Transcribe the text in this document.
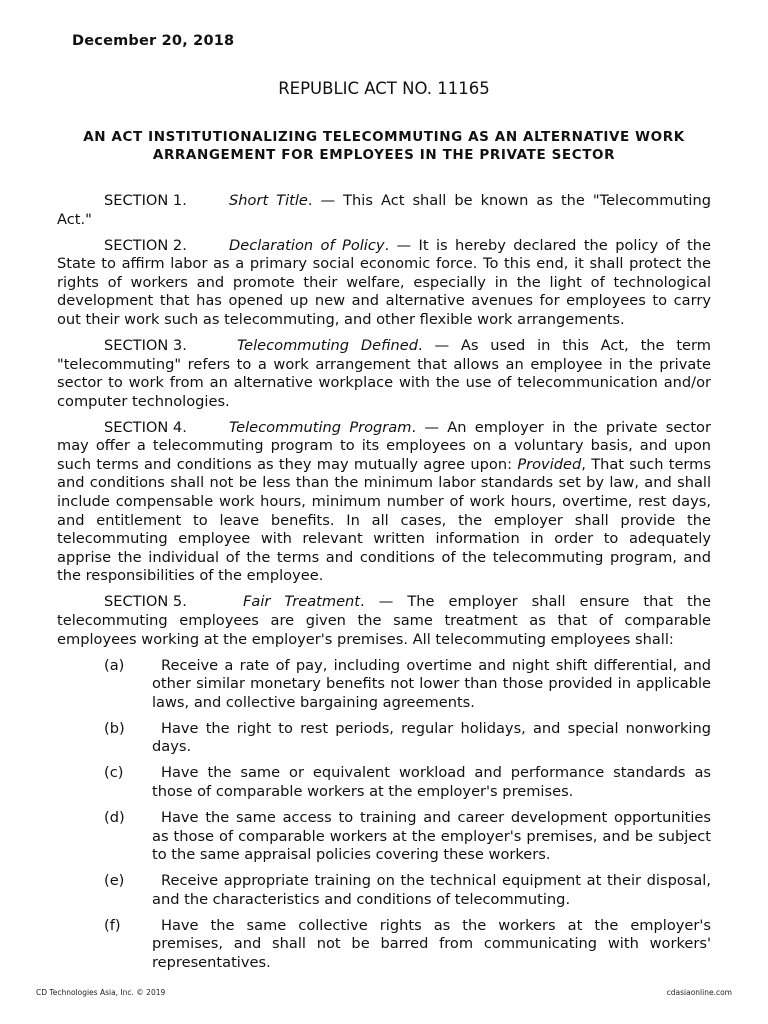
December 20, 2018
REPUBLIC ACT NO. 11165
AN ACT INSTITUTIONALIZING TELECOMMUTING AS AN ALTERNATIVE WORK ARRANGEMENT FOR EMPLOYEES IN THE PRIVATE SECTOR

SECTION 1.	Short Title. — This Act shall be known as the "Telecommuting Act."

SECTION 2.	Declaration of Policy. — It is hereby declared the policy of the State to affirm labor as a primary social economic force. To this end, it shall protect the rights of workers and promote their welfare, especially in the light of technological development that has opened up new and alternative avenues for employees to carry out their work such as telecommuting, and other flexible work arrangements.

SECTION 3.	Telecommuting Defined. — As used in this Act, the term "telecommuting" refers to a work arrangement that allows an employee in the private sector to work from an alternative workplace with the use of telecommunication and/or computer technologies.

SECTION 4.	Telecommuting Program. — An employer in the private sector may offer a telecommuting program to its employees on a voluntary basis, and upon such terms and conditions as they may mutually agree upon: Provided, That such terms and conditions shall not be less than the minimum labor standards set by law, and shall include compensable work hours, minimum number of work hours, overtime, rest days, and entitlement to leave benefits. In all cases, the employer shall provide the telecommuting employee with relevant written information in order to adequately apprise the individual of the terms and conditions of the telecommuting program, and the responsibilities of the employee.

SECTION 5.	Fair Treatment. — The employer shall ensure that the telecommuting employees are given the same treatment as that of comparable employees working at the employer's premises. All telecommuting employees shall:

(a)	Receive a rate of pay, including overtime and night shift differential, and other similar monetary benefits not lower than those provided in applicable laws, and collective bargaining agreements.
(b)	Have the right to rest periods, regular holidays, and special nonworking days.
(c)	Have the same or equivalent workload and performance standards as those of comparable workers at the employer's premises.
(d)	Have the same access to training and career development opportunities as those of comparable workers at the employer's premises, and be subject to the same appraisal policies covering these workers.
(e)	Receive appropriate training on the technical equipment at their disposal, and the characteristics and conditions of telecommuting.
(f)	Have the same collective rights as the workers at the employer's premises, and shall not be barred from communicating with workers' representatives.
CD Technologies Asia, Inc. © 2019	cdasiaonline.com
